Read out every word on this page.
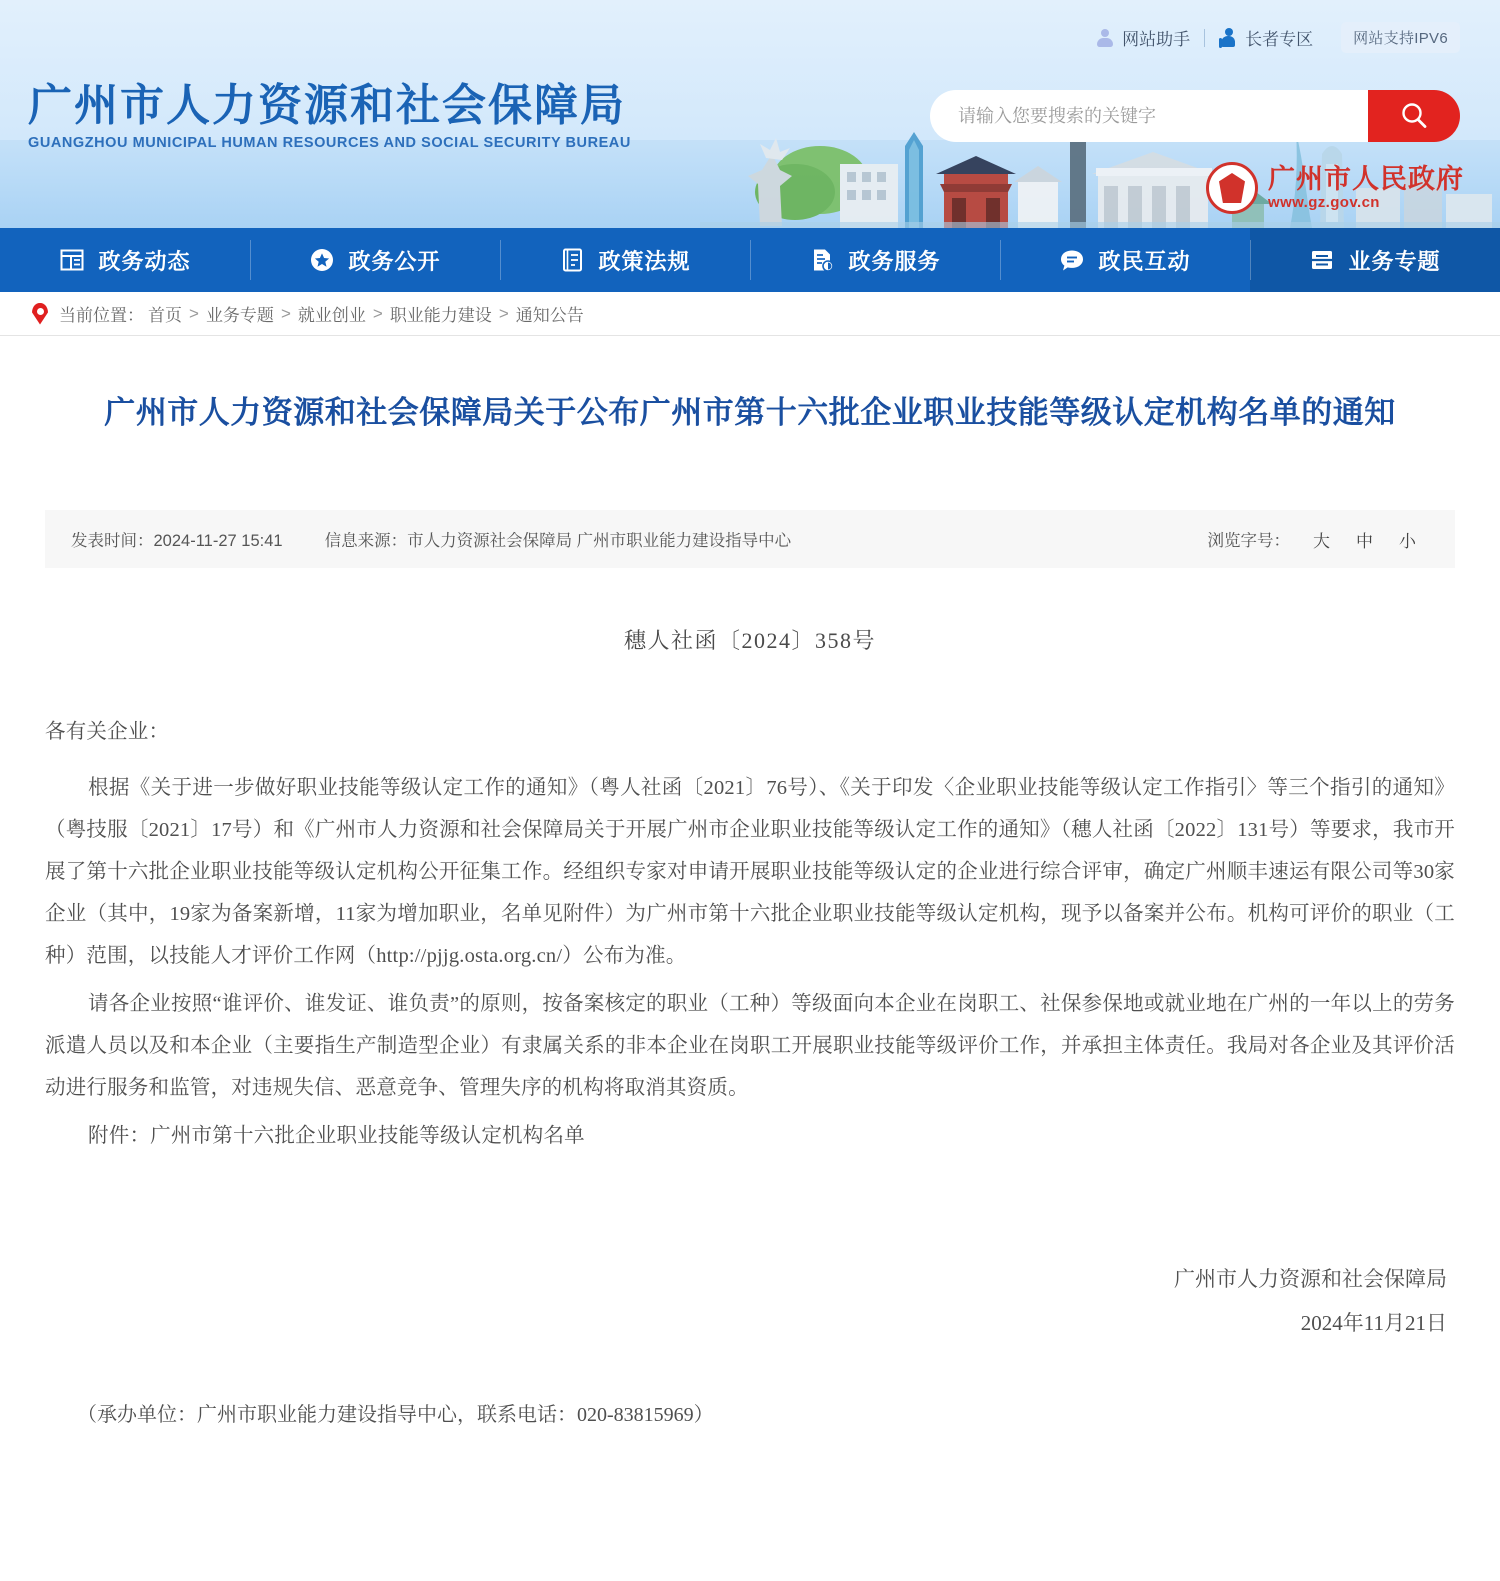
网站助手	长者专区	网站支持IPV6
广州市人力资源和社会保障局
GUANGZHOU MUNICIPAL HUMAN RESOURCES AND SOCIAL SECURITY BUREAU
请输入您要搜索的关键字
广州市人民政府
www.gz.gov.cn
政务动态	政务公开	政策法规	政务服务	政民互动	业务专题
当前位置： 首页 > 业务专题 > 就业创业 > 职业能力建设 > 通知公告
广州市人力资源和社会保障局关于公布广州市第十六批企业职业技能等级认定机构名单的通知
发表时间：2024-11-27 15:41	信息来源：市人力资源社会保障局 广州市职业能力建设指导中心	浏览字号：	大	中	小
穗人社函〔2024〕358号

各有关企业：

根据《关于进一步做好职业技能等级认定工作的通知》（粤人社函〔2021〕76号）、《关于印发〈企业职业技能等级认定工作指引〉等三个指引的通知》（粤技服〔2021〕17号）和《广州市人力资源和社会保障局关于开展广州市企业职业技能等级认定工作的通知》（穗人社函〔2022〕131号）等要求，我市开展了第十六批企业职业技能等级认定机构公开征集工作。经组织专家对申请开展职业技能等级认定的企业进行综合评审，确定广州顺丰速运有限公司等30家企业（其中，19家为备案新增，11家为增加职业，名单见附件）为广州市第十六批企业职业技能等级认定机构，现予以备案并公布。机构可评价的职业（工种）范围，以技能人才评价工作网（http://pjjg.osta.org.cn/）公布为准。

请各企业按照“谁评价、谁发证、谁负责”的原则，按备案核定的职业（工种）等级面向本企业在岗职工、社保参保地或就业地在广州的一年以上的劳务派遣人员以及和本企业（主要指生产制造型企业）有隶属关系的非本企业在岗职工开展职业技能等级评价工作，并承担主体责任。我局对各企业及其评价活动进行服务和监管，对违规失信、恶意竞争、管理失序的机构将取消其资质。

附件：广州市第十六批企业职业技能等级认定机构名单

广州市人力资源和社会保障局
2024年11月21日
（承办单位：广州市职业能力建设指导中心，联系电话：020-83815969）
